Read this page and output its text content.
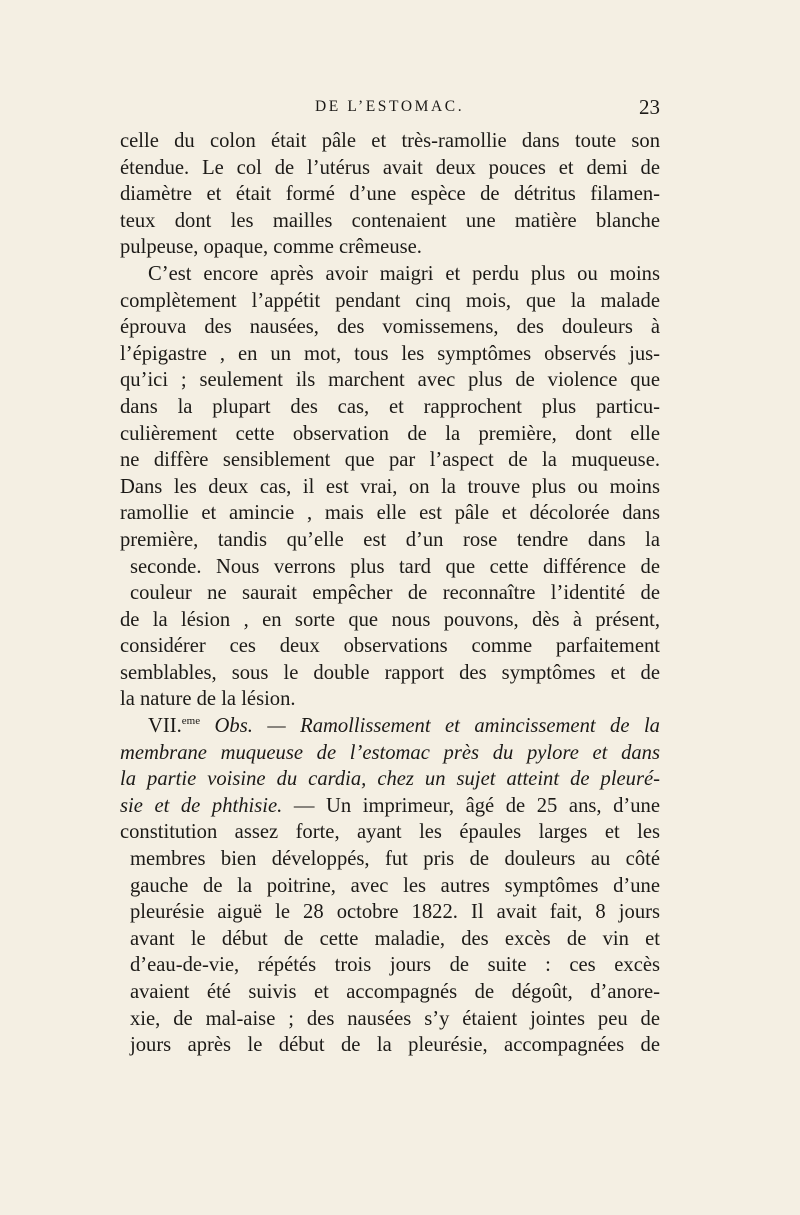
DE L’ESTOMAC.	23
celle du colon était pâle et très-ramollie dans toute son
étendue. Le col de l’utérus avait deux pouces et demi de
diamètre et était formé d’une espèce de détritus filamen-
teux dont les mailles contenaient une matière blanche
pulpeuse, opaque, comme crêmeuse.
C’est encore après avoir maigri et perdu plus ou moins
complètement l’appétit pendant cinq mois, que la malade
éprouva des nausées, des vomissemens, des douleurs à
l’épigastre , en un mot, tous les symptômes observés jus-
qu’ici ; seulement ils marchent avec plus de violence que
dans la plupart des cas, et rapprochent plus particu-
culièrement cette observation de la première, dont elle
ne diffère sensiblement que par l’aspect de la muqueuse.
Dans les deux cas, il est vrai, on la trouve plus ou moins
ramollie et amincie , mais elle est pâle et décolorée dans
première, tandis qu’elle est d’un rose tendre dans la
seconde. Nous verrons plus tard que cette différence de
couleur ne saurait empêcher de reconnaître l’identité de
de la lésion , en sorte que nous pouvons, dès à présent,
considérer ces deux observations comme parfaitement
semblables, sous le double rapport des symptômes et de
la nature de la lésion.
VII.$^{eme}$ Obs. — Ramollissement et amincissement de la
membrane muqueuse de l’estomac près du pylore et dans
la partie voisine du cardia, chez un sujet atteint de pleuré-
sie et de phthisie. — Un imprimeur, âgé de 25 ans, d’une
constitution assez forte, ayant les épaules larges et les
membres bien développés, fut pris de douleurs au côté
gauche de la poitrine, avec les autres symptômes d’une
pleurésie aiguë le 28 octobre 1822. Il avait fait, 8 jours
avant le début de cette maladie, des excès de vin et
d’eau-de-vie, répétés trois jours de suite : ces excès
avaient été suivis et accompagnés de dégoût, d’anore-
xie, de mal-aise ; des nausées s’y étaient jointes peu de
jours après le début de la pleurésie, accompagnées de
